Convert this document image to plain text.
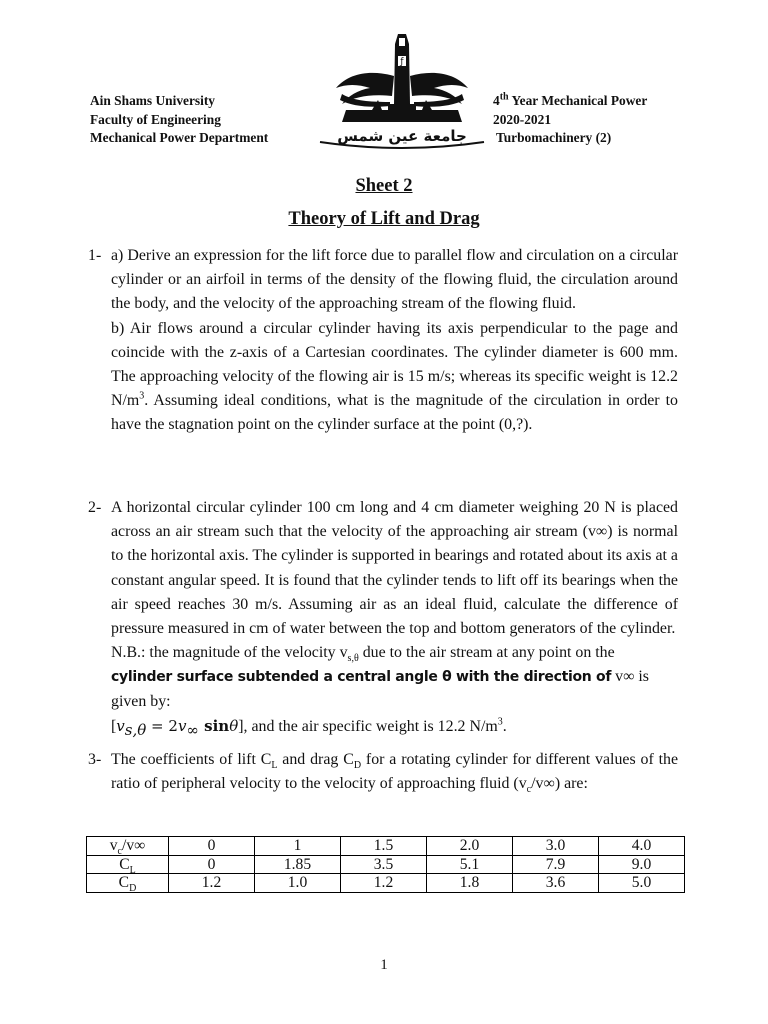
Ain Shams University
Faculty of Engineering
Mechanical Power Department
ƒ
جامعة عين شمس
4th Year Mechanical Power
2020-2021
Turbomachinery (2)
Sheet 2
Theory of Lift and Drag
1- a) Derive an expression for the lift force due to parallel flow and circulation on a circular cylinder or an airfoil in terms of the density of the flowing fluid, the circulation around the body, and the velocity of the approaching stream of the flowing fluid.

b) Air flows around a circular cylinder having its axis perpendicular to the page and coincide with the z-axis of a Cartesian coordinates. The cylinder diameter is 600 mm. The approaching velocity of the flowing air is 15 m/s; whereas its specific weight is 12.2 $N/m^3$. Assuming ideal conditions, what is the magnitude of the circulation in order to have the stagnation point on the cylinder surface at the point (0,?).

2- A horizontal circular cylinder 100 cm long and 4 cm diameter weighing 20 N is placed across an air stream such that the velocity of the approaching air stream (v∞) is normal to the horizontal axis. The cylinder is supported in bearings and rotated about its axis at a constant angular speed. It is found that the cylinder tends to lift off its bearings when the air speed reaches 30 m/s. Assuming air as an ideal fluid, calculate the difference of pressure measured in cm of water between the top and bottom generators of the cylinder.

N.B.: the magnitude of the velocity $v_{s,\theta}$ due to the air stream at any point on the

cylinder surface subtended a central angle θ with the direction of v∞ is given by:

[$v_{s,\theta} = 2v_\infty$ sinθ], and the air specific weight is 12.2 $N/m^3$.

3- The coefficients of lift $C_L$ and drag $C_D$ for a rotating cylinder for different values of the ratio of peripheral velocity to the velocity of approaching fluid $(v_c/v\infty)$ are:

$v_c/v\infty$	0	1	1.5	2.0	3.0	4.0
$C_L$	0	1.85	3.5	5.1	7.9	9.0
$C_D$	1.2	1.0	1.2	1.8	3.6	5.0
1
